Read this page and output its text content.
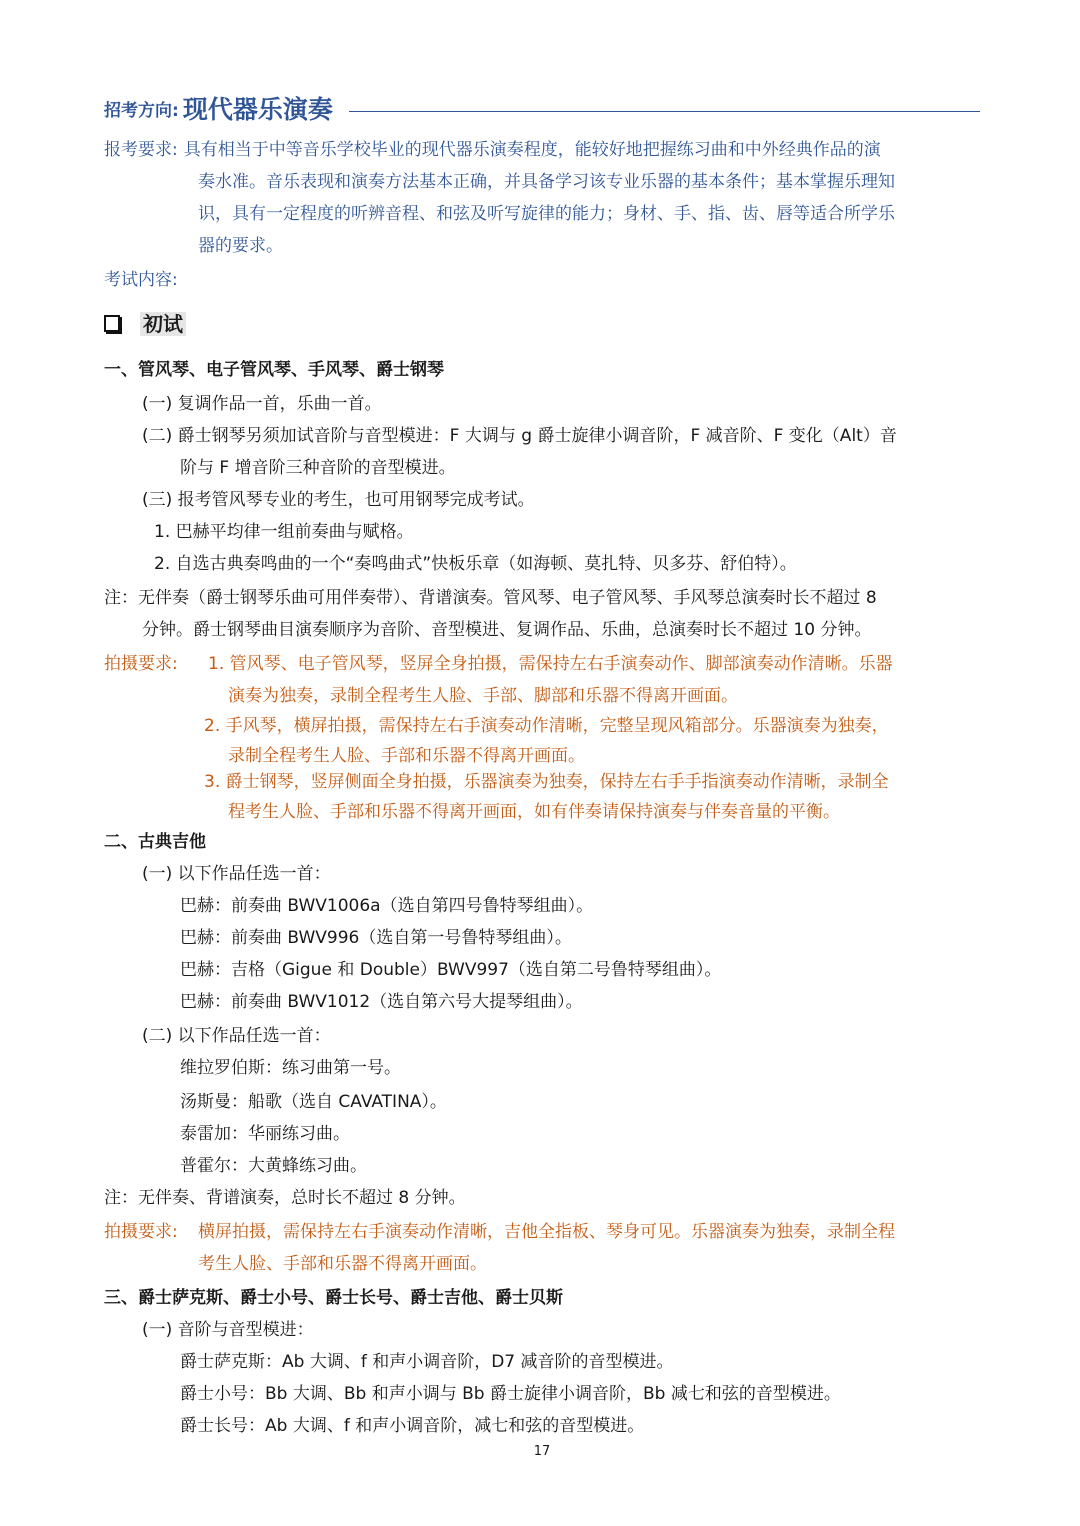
招考方向: 现代器乐演奏
报考要求: 具有相当于中等音乐学校毕业的现代器乐演奏程度，能较好地把握练习曲和中外经典作品的演
奏水准。音乐表现和演奏方法基本正确，并具备学习该专业乐器的基本条件；基本掌握乐理知
识，具有一定程度的听辨音程、和弦及听写旋律的能力；身材、手、指、齿、唇等适合所学乐
器的要求。
考试内容:
初试
一、管风琴、电子管风琴、手风琴、爵士钢琴
(一) 复调作品一首，乐曲一首。
(二) 爵士钢琴另须加试音阶与音型模进：F 大调与 g 爵士旋律小调音阶，F 减音阶、F 变化（Alt）音
阶与 F 增音阶三种音阶的音型模进。
(三) 报考管风琴专业的考生，也可用钢琴完成考试。
1. 巴赫平均律一组前奏曲与赋格。
2. 自选古典奏鸣曲的一个“奏鸣曲式”快板乐章（如海顿、莫扎特、贝多芬、舒伯特）。
注：无伴奏（爵士钢琴乐曲可用伴奏带）、背谱演奏。管风琴、电子管风琴、手风琴总演奏时长不超过 8
分钟。爵士钢琴曲目演奏顺序为音阶、音型模进、复调作品、乐曲，总演奏时长不超过 10 分钟。
拍摄要求: 1. 管风琴、电子管风琴，竖屏全身拍摄，需保持左右手演奏动作、脚部演奏动作清晰。乐器
演奏为独奏，录制全程考生人脸、手部、脚部和乐器不得离开画面。
2. 手风琴，横屏拍摄，需保持左右手演奏动作清晰，完整呈现风箱部分。乐器演奏为独奏，
录制全程考生人脸、手部和乐器不得离开画面。
3. 爵士钢琴，竖屏侧面全身拍摄，乐器演奏为独奏，保持左右手手指演奏动作清晰，录制全
程考生人脸、手部和乐器不得离开画面，如有伴奏请保持演奏与伴奏音量的平衡。
二、古典吉他
(一) 以下作品任选一首：
巴赫：前奏曲 BWV1006a（选自第四号鲁特琴组曲）。
巴赫：前奏曲 BWV996（选自第一号鲁特琴组曲）。
巴赫：吉格（Gigue 和 Double）BWV997（选自第二号鲁特琴组曲）。
巴赫：前奏曲 BWV1012（选自第六号大提琴组曲）。
(二) 以下作品任选一首：
维拉罗伯斯：练习曲第一号。
汤斯曼：船歌（选自 CAVATINA）。
泰雷加：华丽练习曲。
普霍尔：大黄蜂练习曲。
注：无伴奏、背谱演奏，总时长不超过 8 分钟。
拍摄要求: 横屏拍摄，需保持左右手演奏动作清晰，吉他全指板、琴身可见。乐器演奏为独奏，录制全程
考生人脸、手部和乐器不得离开画面。
三、爵士萨克斯、爵士小号、爵士长号、爵士吉他、爵士贝斯
(一) 音阶与音型模进：
爵士萨克斯：Ab 大调、f 和声小调音阶，D7 减音阶的音型模进。
爵士小号：Bb 大调、Bb 和声小调与 Bb 爵士旋律小调音阶，Bb 减七和弦的音型模进。
爵士长号：Ab 大调、f 和声小调音阶，减七和弦的音型模进。
17
